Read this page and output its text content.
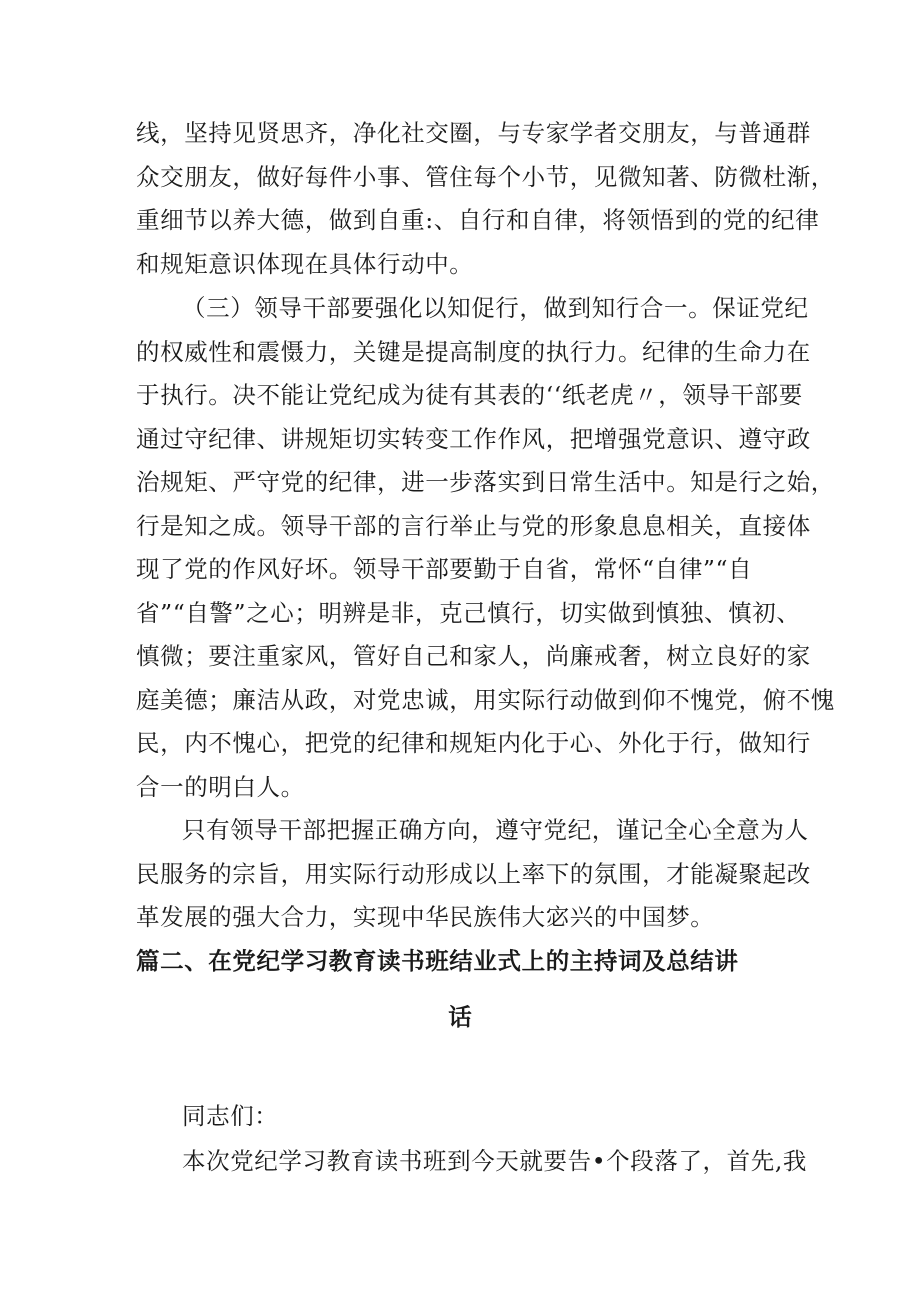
线，坚持见贤思齐，净化社交圈，与专家学者交朋友，与普通群
众交朋友，做好每件小事、管住每个小节，见微知著、防微杜渐，
重细节以养大德，做到自重:、自行和自律，将领悟到的党的纪律
和规矩意识体现在具体行动中。
（三）领导干部要强化以知促行，做到知行合一。保证党纪
的权威性和震慑力，关键是提高制度的执行力。纪律的生命力在
于执行。决不能让党纪成为徒有其表的‘‘纸老虎〃，领导干部要
通过守纪律、讲规矩切实转变工作作风，把增强党意识、遵守政
治规矩、严守党的纪律，进一步落实到日常生活中。知是行之始，
行是知之成。领导干部的言行举止与党的形象息息相关，直接体
现了党的作风好坏。领导干部要勤于自省，常怀“自律”“自
省”“自警”之心；明辨是非，克己慎行，切实做到慎独、慎初、
慎微；要注重家风，管好自己和家人，尚廉戒奢，树立良好的家
庭美德；廉洁从政，对党忠诚，用实际行动做到仰不愧党，俯不愧
民，内不愧心，把党的纪律和规矩内化于心、外化于行，做知行
合一的明白人。
只有领导干部把握正确方向，遵守党纪，谨记全心全意为人
民服务的宗旨，用实际行动形成以上率下的氛围，才能凝聚起改
革发展的强大合力，实现中华民族伟大宓兴的中国梦。
篇二、在党纪学习教育读书班结业式上的主持词及总结讲
话
同志们：
本次党纪学习教育读书班到今天就要告•个段落了，首先,我
